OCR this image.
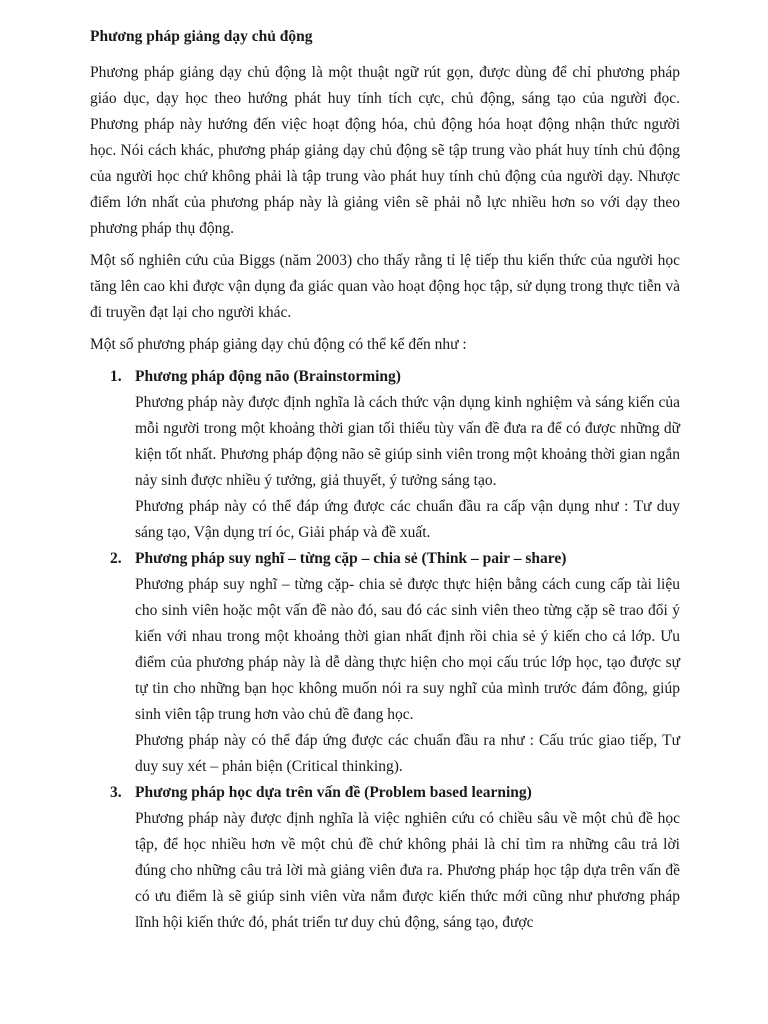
Phương pháp giảng dạy chủ động

Phương pháp giảng dạy chủ động là một thuật ngữ rút gọn, được dùng để chỉ phương pháp giáo dục, dạy học theo hướng phát huy tính tích cực, chủ động, sáng tạo của người đọc. Phương pháp này hướng đến việc hoạt động hóa, chủ động hóa hoạt động nhận thức người học. Nói cách khác, phương pháp giảng dạy chủ động sẽ tập trung vào phát huy tính chủ động của người học chứ không phải là tập trung vào phát huy tính chủ động của người dạy. Nhược điểm lớn nhất của phương pháp này là giảng viên sẽ phải nỗ lực nhiều hơn so với dạy theo phương pháp thụ động.

Một số nghiên cứu của Biggs (năm 2003) cho thấy rằng tỉ lệ tiếp thu kiến thức của người học tăng lên cao khi được vận dụng đa giác quan vào hoạt động học tập, sử dụng trong thực tiễn và đi truyền đạt lại cho người khác.

Một số phương pháp giảng dạy chủ động có thể kể đến như :

1. Phương pháp động não (Brainstorming)

Phương pháp này được định nghĩa là cách thức vận dụng kinh nghiệm và sáng kiến của mỗi người trong một khoảng thời gian tối thiểu tùy vấn đề đưa ra để có được những dữ kiện tốt nhất. Phương pháp động não sẽ giúp sinh viên trong một khoảng thời gian ngắn nảy sinh được nhiều ý tưởng, giả thuyết, ý tưởng sáng tạo.

Phương pháp này có thể đáp ứng được các chuẩn đầu ra cấp vận dụng như : Tư duy sáng tạo, Vận dụng trí óc, Giải pháp và đề xuất.

2. Phương pháp suy nghĩ – từng cặp – chia sẻ (Think – pair – share)

Phương pháp suy nghĩ – từng cặp- chia sẻ được thực hiện bằng cách cung cấp tài liệu cho sinh viên hoặc một vấn đề nào đó, sau đó các sinh viên theo từng cặp sẽ trao đổi ý kiến với nhau trong một khoảng thời gian nhất định rồi chia sẻ ý kiến cho cả lớp. Ưu điểm của phương pháp này là dễ dàng thực hiện cho mọi cấu trúc lớp học, tạo được sự tự tin cho những bạn học không muốn nói ra suy nghĩ của mình trước đám đông, giúp sinh viên tập trung hơn vào chủ đề đang học.

Phương pháp này có thể đáp ứng được các chuẩn đầu ra như : Cấu trúc giao tiếp, Tư duy suy xét – phản biện (Critical thinking).

3. Phương pháp học dựa trên vấn đề (Problem based learning)

Phương pháp này được định nghĩa là việc nghiên cứu có chiều sâu về một chủ đề học tập, để học nhiều hơn về một chủ đề chứ không phải là chỉ tìm ra những câu trả lời đúng cho những câu trả lời mà giảng viên đưa ra. Phương pháp học tập dựa trên vấn đề có ưu điểm là sẽ giúp sinh viên vừa nắm được kiến thức mới cũng như phương pháp lĩnh hội kiến thức đó, phát triển tư duy chủ động, sáng tạo, được
